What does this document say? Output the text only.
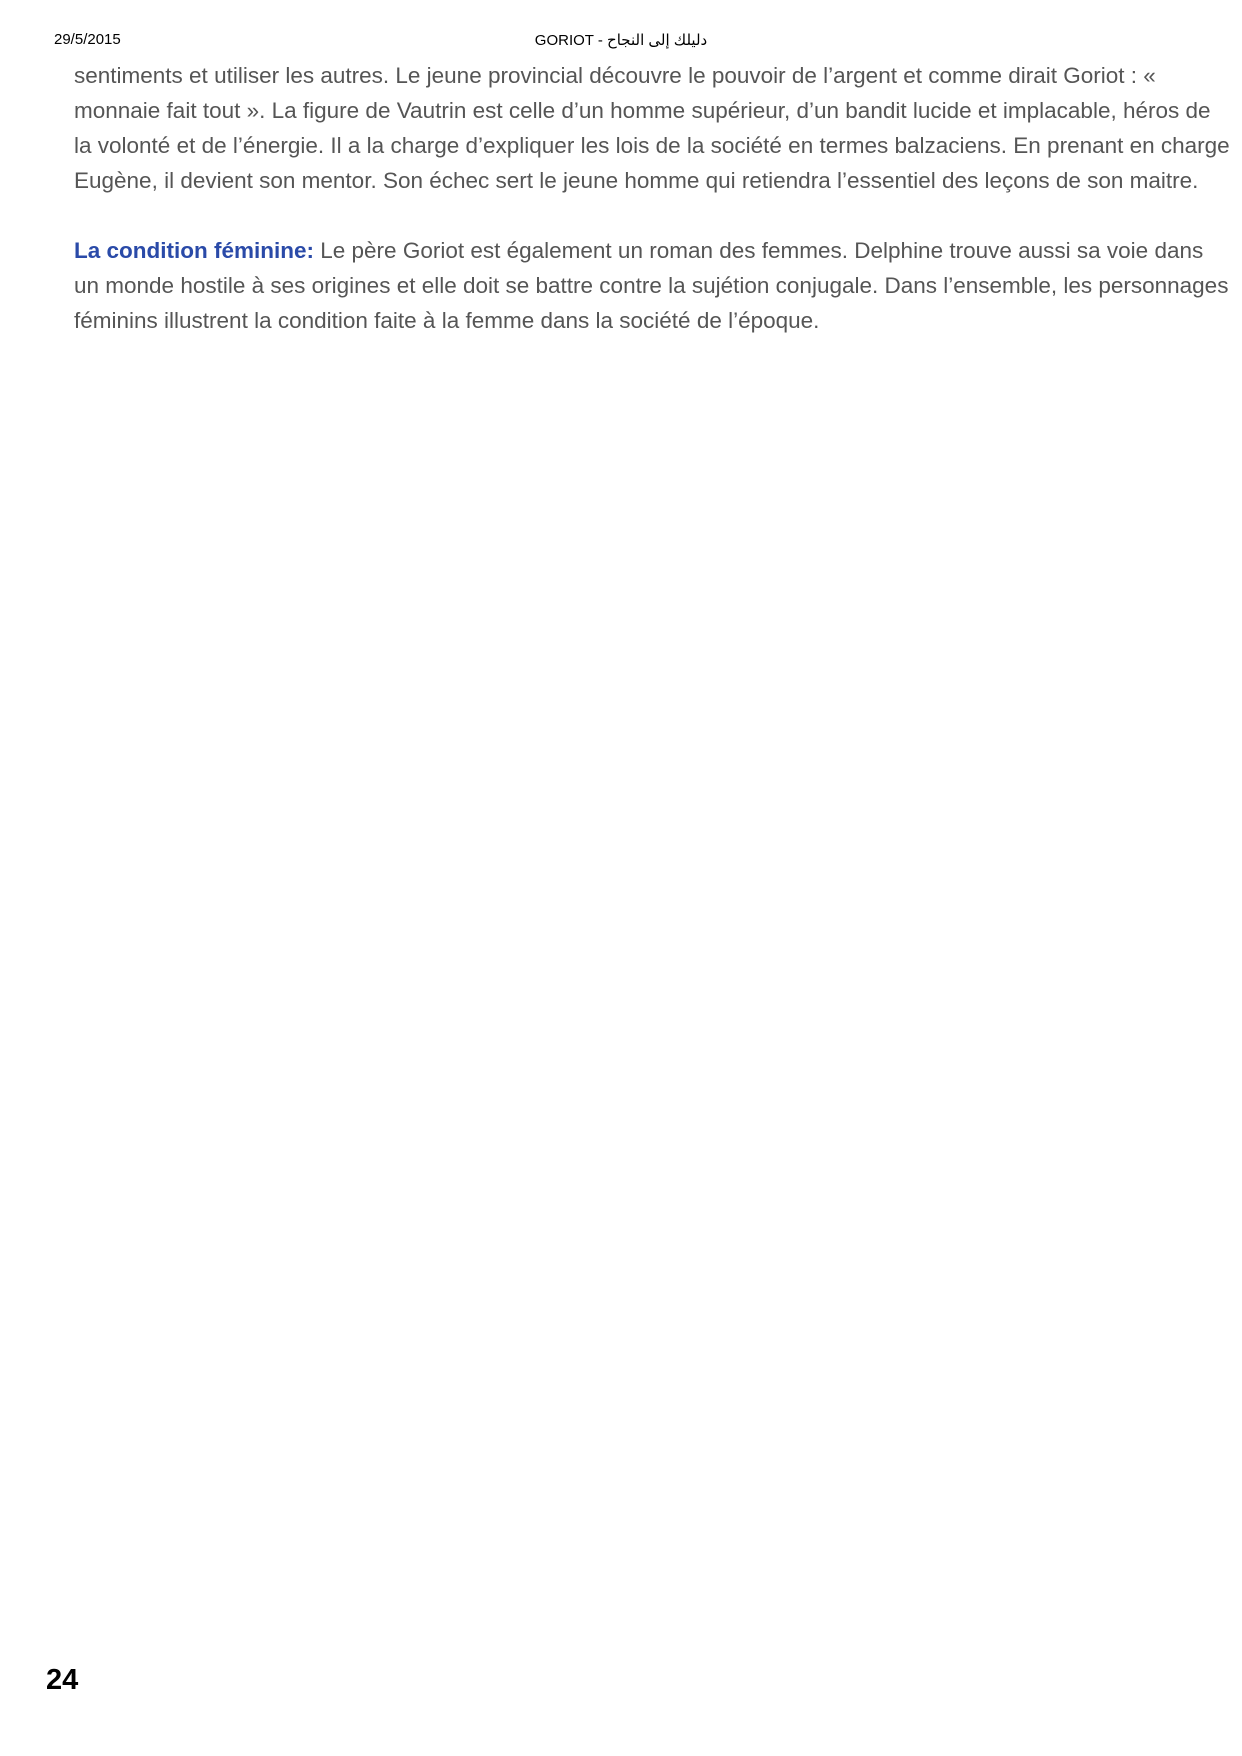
29/5/2015	GORIOT - دليلك إلى النجاح

sentiments et utiliser les autres. Le jeune provincial découvre le pouvoir de l’argent et comme dirait Goriot : « monnaie fait tout ». La figure de Vautrin est celle d’un homme supérieur, d’un bandit lucide et implacable, héros de la volonté et de l’énergie. Il a la charge d’expliquer les lois de la société en termes balzaciens. En prenant en charge Eugène, il devient son mentor. Son échec sert le jeune homme qui retiendra l’essentiel des leçons de son maitre.

La condition féminine: Le père Goriot est également un roman des femmes. Delphine trouve aussi sa voie dans un monde hostile à ses origines et elle doit se battre contre la sujétion conjugale. Dans l’ensemble, les personnages féminins illustrent la condition faite à la femme dans la société de l’époque.

24
